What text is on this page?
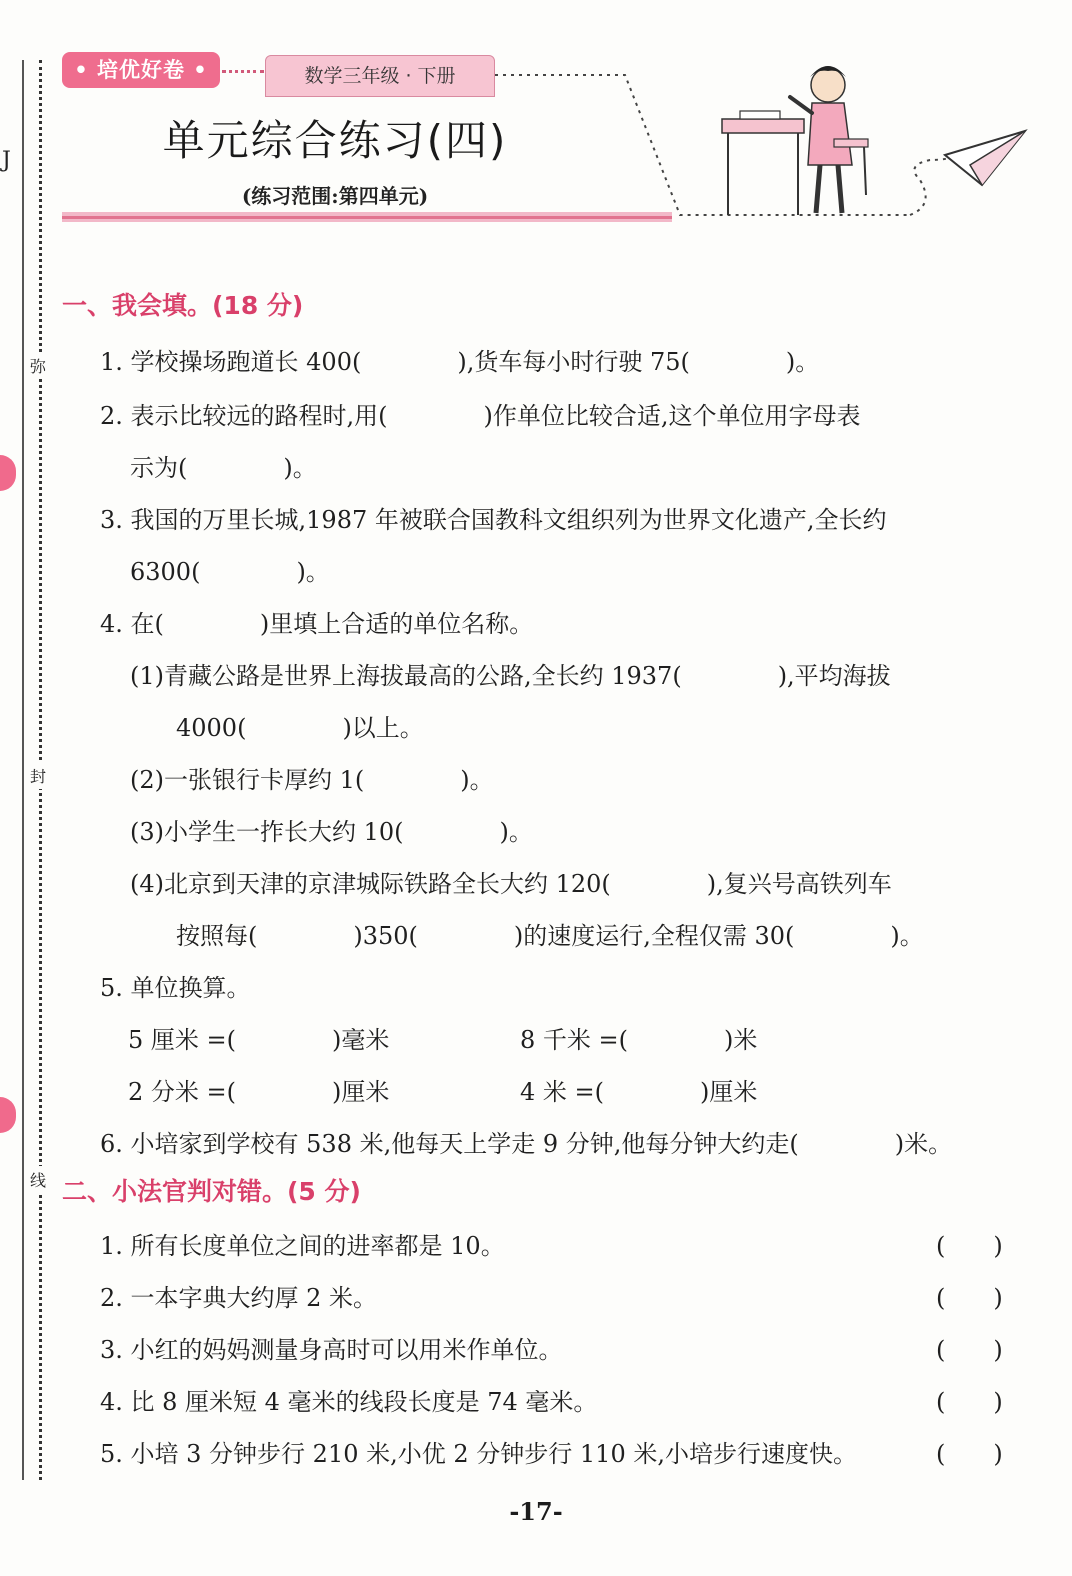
J
弥
封
线
• 培优好卷 •	数学三年级 · 下册
单元综合练习(四)
(练习范围:第四单元)
一、我会填。(18 分)
1. 学校操场跑道长 400(　　　　),货车每小时行驶 75(　　　　)。
2. 表示比较远的路程时,用(　　　　)作单位比较合适,这个单位用字母表
示为(　　　　)。
3. 我国的万里长城,1987 年被联合国教科文组织列为世界文化遗产,全长约
6300(　　　　)。
4. 在(　　　　)里填上合适的单位名称。
(1)青藏公路是世界上海拔最高的公路,全长约 1937(　　　　),平均海拔
4000(　　　　)以上。
(2)一张银行卡厚约 1(　　　　)。
(3)小学生一拃长大约 10(　　　　)。
(4)北京到天津的京津城际铁路全长大约 120(　　　　),复兴号高铁列车
按照每(　　　　)350(　　　　)的速度运行,全程仅需 30(　　　　)。
5. 单位换算。
5 厘米 =(　　　　)毫米	8 千米 =(　　　　)米
2 分米 =(　　　　)厘米	4 米 =(　　　　)厘米
6. 小培家到学校有 538 米,他每天上学走 9 分钟,他每分钟大约走(　　　　)米。
二、小法官判对错。(5 分)
1. 所有长度单位之间的进率都是 10。	(　　)
2. 一本字典大约厚 2 米。	(　　)
3. 小红的妈妈测量身高时可以用米作单位。	(　　)
4. 比 8 厘米短 4 毫米的线段长度是 74 毫米。	(　　)
5. 小培 3 分钟步行 210 米,小优 2 分钟步行 110 米,小培步行速度快。	(　　)
-17-
